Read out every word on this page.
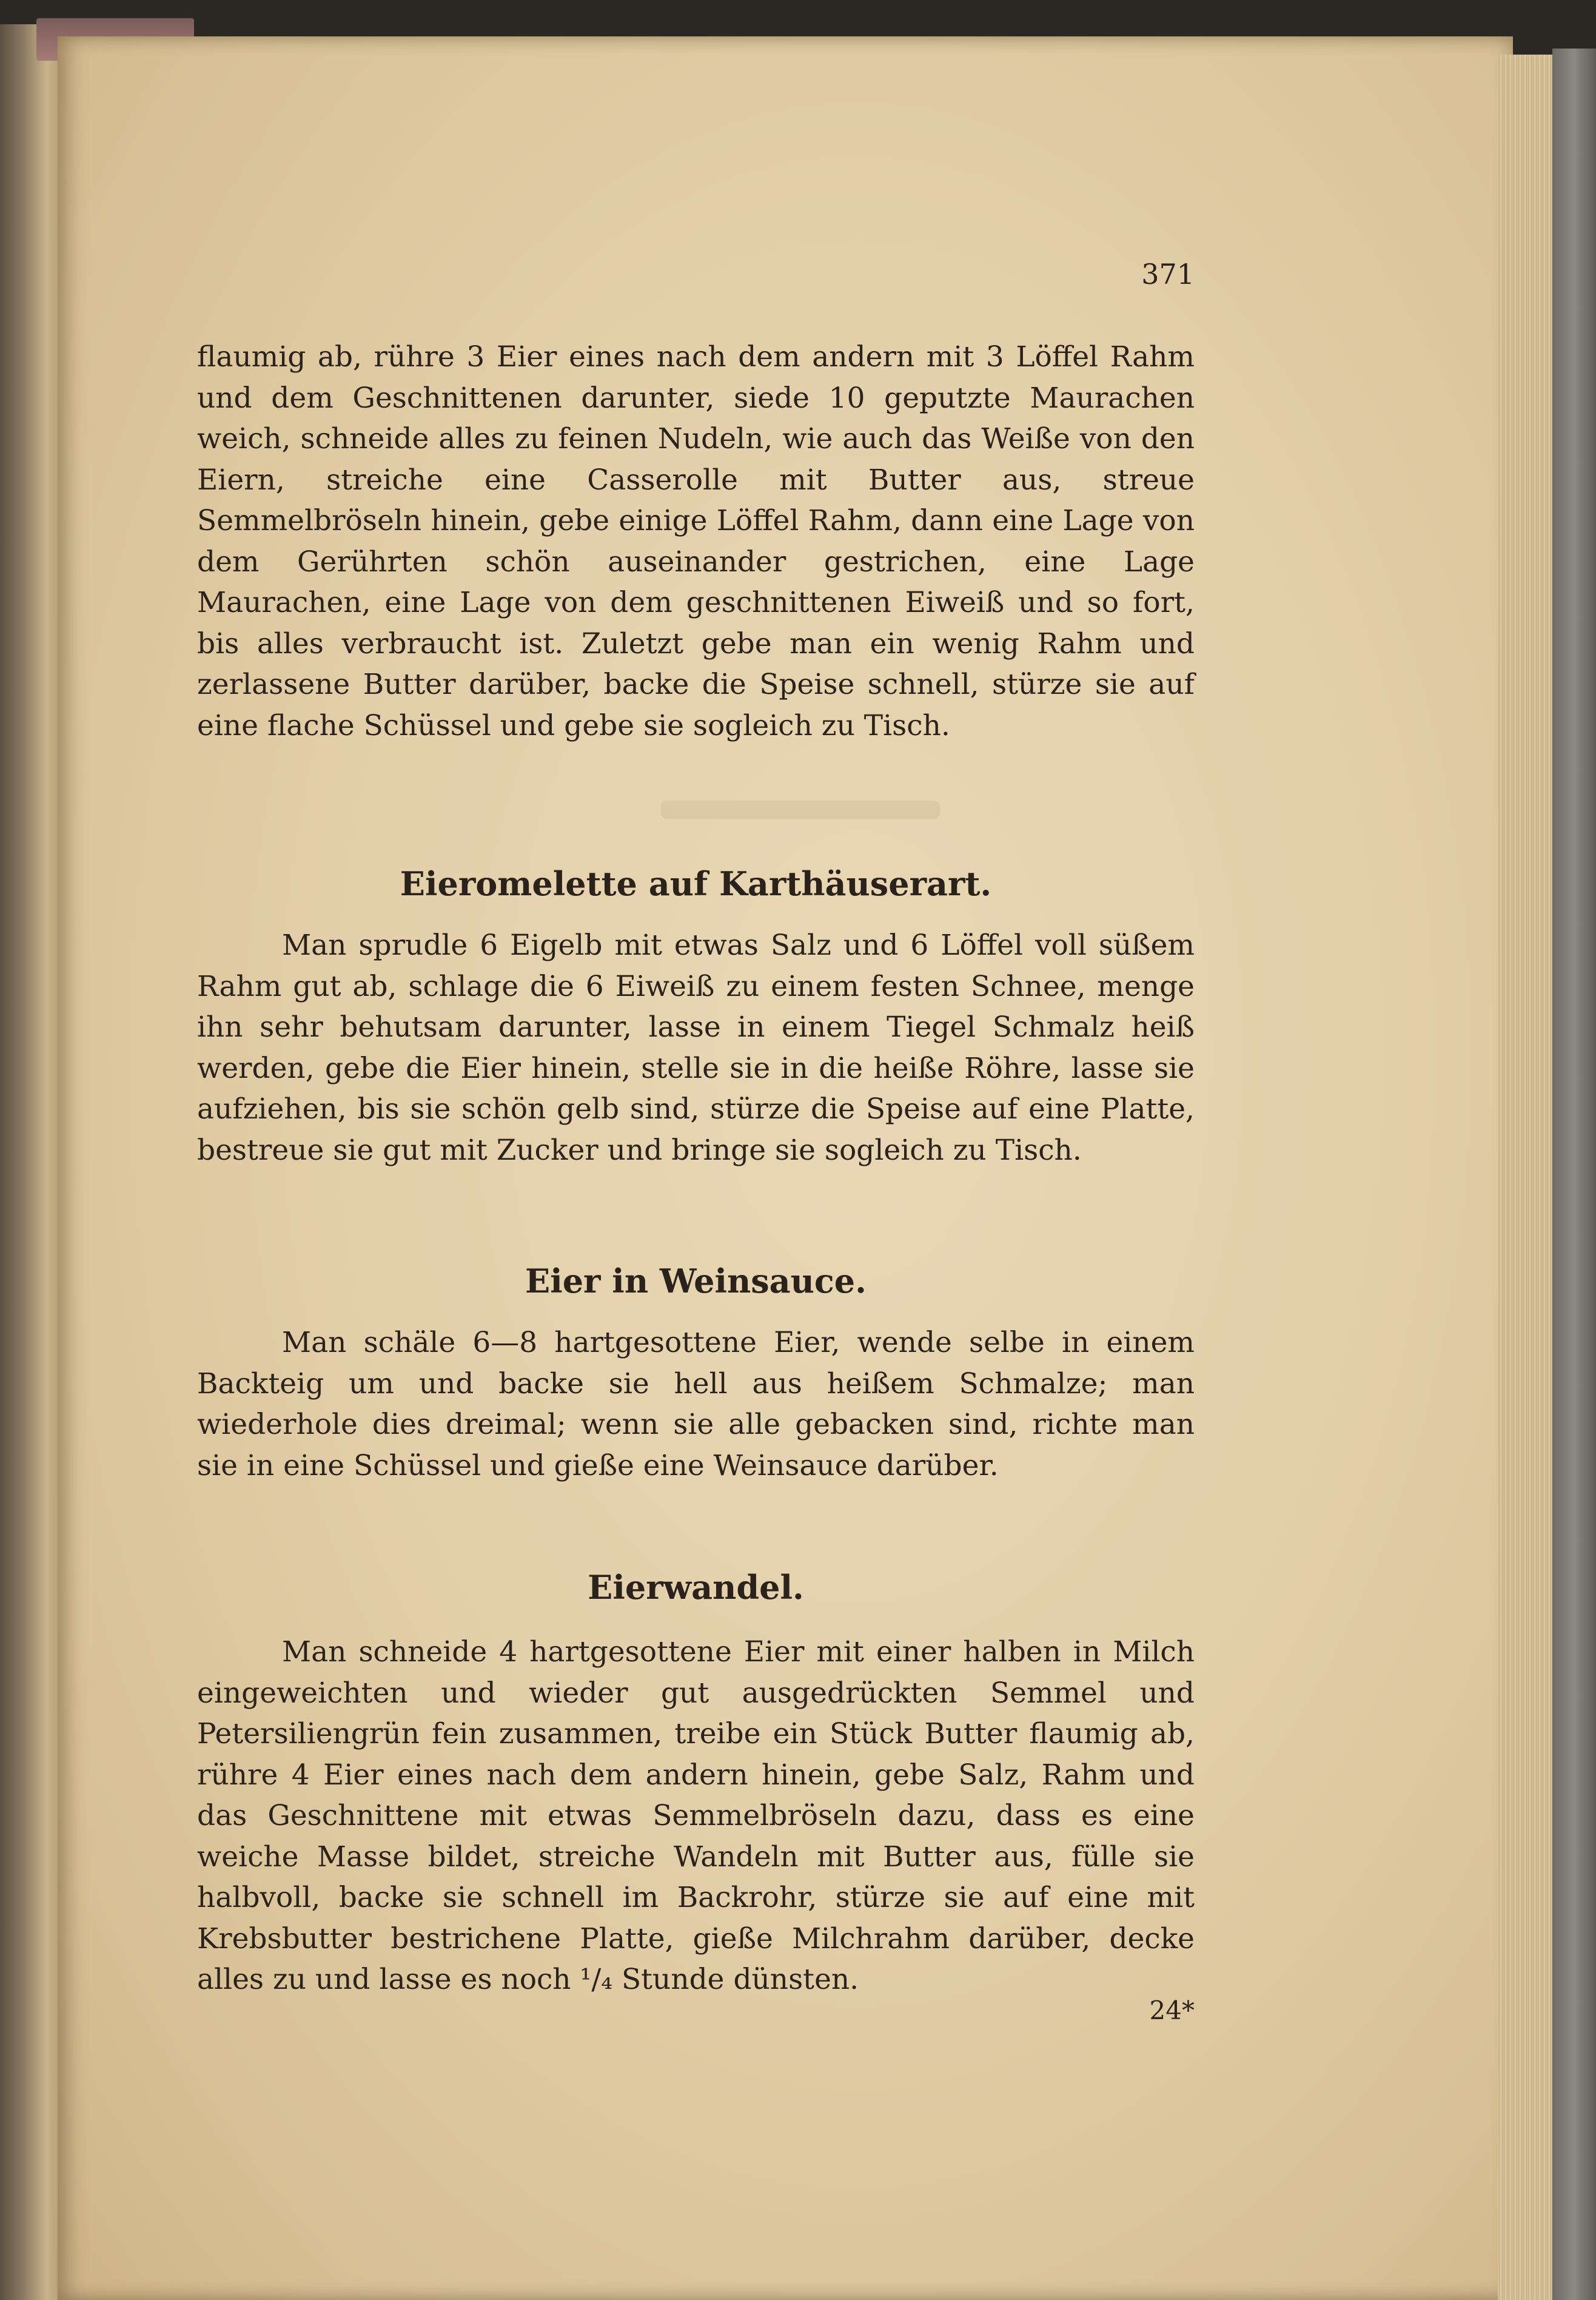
371

flaumig ab, rühre 3 Eier eines nach dem andern mit 3 Löffel Rahm und dem Geschnittenen darunter, siede 10 geputzte Maurachen weich, schneide alles zu feinen Nudeln, wie auch das Weiße von den Eiern, streiche eine Casserolle mit Butter aus, streue Semmelbröseln hinein, gebe einige Löffel Rahm, dann eine Lage von dem Gerührten schön auseinander gestrichen, eine Lage Maurachen, eine Lage von dem geschnittenen Eiweiß und so fort, bis alles verbraucht ist. Zuletzt gebe man ein wenig Rahm und zerlassene Butter darüber, backe die Speise schnell, stürze sie auf eine flache Schüssel und gebe sie sogleich zu Tisch.

Eieromelette auf Karthäuserart.

Man sprudle 6 Eigelb mit etwas Salz und 6 Löffel voll süßem Rahm gut ab, schlage die 6 Eiweiß zu einem festen Schnee, menge ihn sehr behutsam darunter, lasse in einem Tiegel Schmalz heiß werden, gebe die Eier hinein, stelle sie in die heiße Röhre, lasse sie aufziehen, bis sie schön gelb sind, stürze die Speise auf eine Platte, bestreue sie gut mit Zucker und bringe sie sogleich zu Tisch.

Eier in Weinsauce.

Man schäle 6—8 hartgesottene Eier, wende selbe in einem Backteig um und backe sie hell aus heißem Schmalze; man wiederhole dies dreimal; wenn sie alle gebacken sind, richte man sie in eine Schüssel und gieße eine Weinsauce darüber.

Eierwandel.

Man schneide 4 hartgesottene Eier mit einer halben in Milch eingeweichten und wieder gut ausgedrückten Semmel und Petersiliengrün fein zusammen, treibe ein Stück Butter flaumig ab, rühre 4 Eier eines nach dem andern hinein, gebe Salz, Rahm und das Geschnittene mit etwas Semmelbröseln dazu, dass es eine weiche Masse bildet, streiche Wandeln mit Butter aus, fülle sie halbvoll, backe sie schnell im Backrohr, stürze sie auf eine mit Krebsbutter bestrichene Platte, gieße Milchrahm darüber, decke alles zu und lasse es noch ¹/₄ Stunde dünsten.

24*
